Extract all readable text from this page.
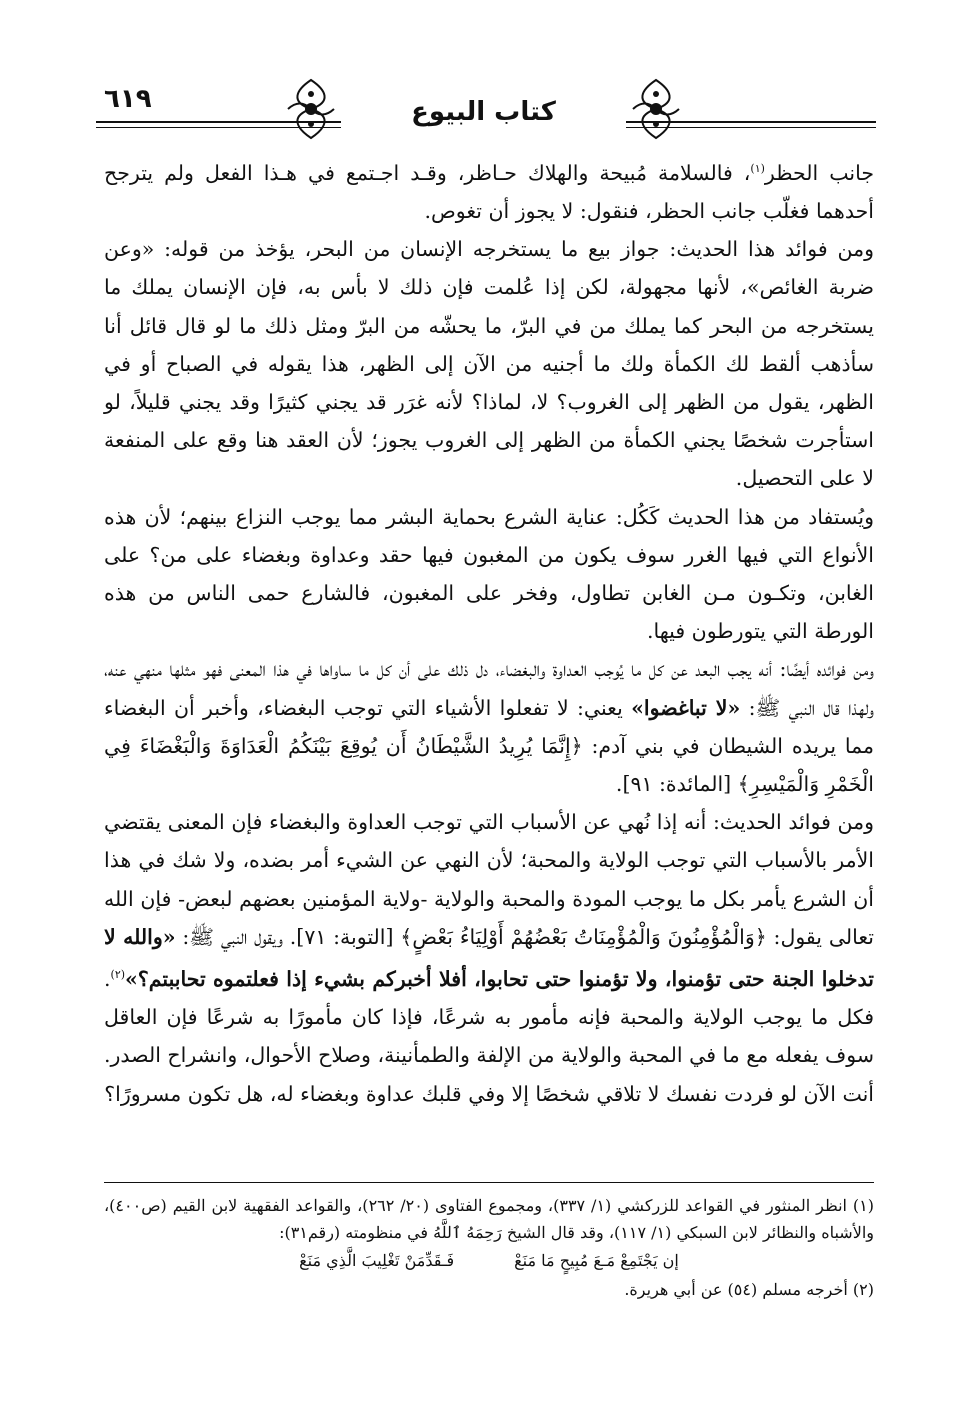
٦١٩	كتاب البيوع

جانب الحظر$^{(١)}$، فالسلامة مُبيحة والهلاك حـاظر، وقـد اجـتمع في هـذا الفعل ولم يترجح أحدهما فغلّب جانب الحظر، فنقول: لا يجوز أن تغوص.

ومن فوائد هذا الحديث: جواز بيع ما يستخرجه الإنسان من البحر، يؤخذ من قوله: «وعن ضربة الغائص»، لأنها مجهولة، لكن إذا عُلمت فإن ذلك لا بأس به، فإن الإنسان يملك ما يستخرجه من البحر كما يملك من في البرّ، ما يحشّه من البرّ ومثل ذلك ما لو قال قائل أنا سأذهب ألقط لك الكمأة ولك ما أجنيه من الآن إلى الظهر، هذا يقوله في الصباح أو في الظهر، يقول من الظهر إلى الغروب؟ لا، لماذا؟ لأنه غرَر قد يجني كثيرًا وقد يجني قليلاً، لو استأجرت شخصًا يجني الكمأة من الظهر إلى الغروب يجوز؛ لأن العقد هنا وقع على المنفعة لا على التحصيل.

ويُستفاد من هذا الحديث كَكُل: عناية الشرع بحماية البشر مما يوجب النزاع بينهم؛ لأن هذه الأنواع التي فيها الغرر سوف يكون من المغبون فيها حقد وعداوة وبغضاء على من؟ على الغابن، وتكـون مـن الغابن تطاول، وفخر على المغبون، فالشارع حمى الناس من هذه الورطة التي يتورطون فيها.

ومن فوائده أيضًا: أنه يجب البعد عن كل ما يُوجب العداوة والبغضاء، دل ذلك على أن كل ما ساواها في هذا المعنى فهو مثلها منهي عنه، ولهذا قال النبي ﷺ: «لا تباغضوا» يعني: لا تفعلوا الأشياء التي توجب البغضاء، وأخبر أن البغضاء مما يريده الشيطان في بني آدم: ﴿إِنَّمَا يُرِيدُ الشَّيْطَانُ أَن يُوقِعَ بَيْنَكُمُ الْعَدَاوَةَ وَالْبَغْضَاءَ فِي الْخَمْرِ وَالْمَيْسِرِ﴾ [المائدة: ٩١].

ومن فوائد الحديث: أنه إذا نُهي عن الأسباب التي توجب العداوة والبغضاء فإن المعنى يقتضي الأمر بالأسباب التي توجب الولاية والمحبة؛ لأن النهي عن الشيء أمر بضده، ولا شك في هذا أن الشرع يأمر بكل ما يوجب المودة والمحبة والولاية -ولاية المؤمنين بعضهم لبعض- فإن الله تعالى يقول: ﴿وَالْمُؤْمِنُونَ وَالْمُؤْمِنَاتُ بَعْضُهُمْ أَوْلِيَاءُ بَعْضٍ﴾ [التوبة: ٧١]. ويقول النبي ﷺ: «والله لا تدخلوا الجنة حتى تؤمنوا، ولا تؤمنوا حتى تحابوا، أفلا أخبركم بشيء إذا فعلتموه تحاببتم؟»$^{(٢)}$. فكل ما يوجب الولاية والمحبة فإنه مأمور به شرعًا، فإذا كان مأمورًا به شرعًا فإن العاقل سوف يفعله مع ما في المحبة والولاية من الإلفة والطمأنينة، وصلاح الأحوال، وانشراح الصدر. أنت الآن لو فردت نفسك لا تلاقي شخصًا إلا وفي قلبك عداوة وبغضاء له، هل تكون مسرورًا؟

(١) انظر المنثور في القواعد للزركشي (١/ ٣٣٧)، ومجموع الفتاوى (٢٠/ ٢٦٢)، والقواعد الفقهية لابن القيم (ص٤٠٠)، والأشباه والنظائر لابن السبكي (١/ ١١٧)، وقد قال الشيخ رَحِمَهُ ٱللَّهُ في منظومته (رقم٣١):

إن يَجْتَمِعْ مَـعَ مُبِيحٍ مَا مَنَعْ
فَـقَدِّمَنْ تَغْلِيبَ الَّذِي مَنَعْ

(٢) أخرجه مسلم (٥٤) عن أبي هريرة.
